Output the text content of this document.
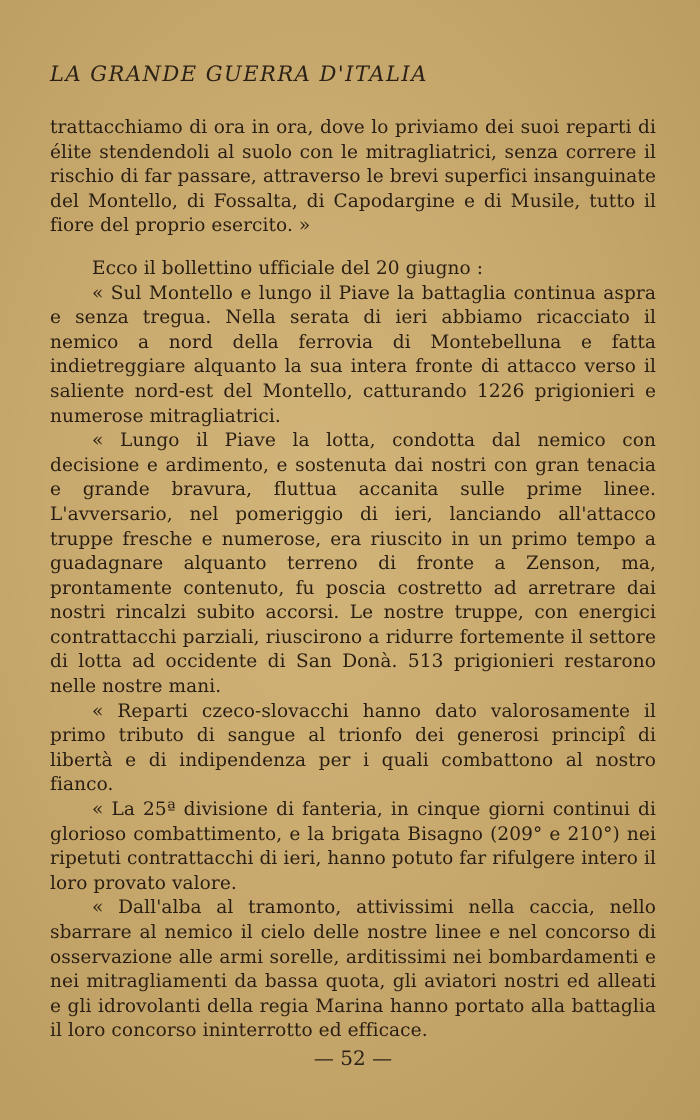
LA GRANDE GUERRA D'ITALIA

trattacchiamo di ora in ora, dove lo priviamo dei suoi reparti di élite stendendoli al suolo con le mitragliatrici, senza correre il rischio di far passare, attraverso le brevi superfici insanguinate del Montello, di Fossalta, di Capodargine e di Musile, tutto il fiore del proprio esercito. »

Ecco il bollettino ufficiale del 20 giugno :

« Sul Montello e lungo il Piave la battaglia continua aspra e senza tregua. Nella serata di ieri abbiamo ricacciato il nemico a nord della ferrovia di Montebelluna e fatta indietreggiare alquanto la sua intera fronte di attacco verso il saliente nord-est del Montello, catturando 1226 prigionieri e numerose mitragliatrici.

« Lungo il Piave la lotta, condotta dal nemico con decisione e ardimento, e sostenuta dai nostri con gran tenacia e grande bravura, fluttua accanita sulle prime linee. L'avversario, nel pomeriggio di ieri, lanciando all'attacco truppe fresche e numerose, era riuscito in un primo tempo a guadagnare alquanto terreno di fronte a Zenson, ma, prontamente contenuto, fu poscia costretto ad arretrare dai nostri rincalzi subito accorsi. Le nostre truppe, con energici contrattacchi parziali, riuscirono a ridurre fortemente il settore di lotta ad occidente di San Donà. 513 prigionieri restarono nelle nostre mani.

« Reparti czeco-slovacchi hanno dato valorosamente il primo tributo di sangue al trionfo dei generosi principî di libertà e di indipendenza per i quali combattono al nostro fianco.

« La 25ª divisione di fanteria, in cinque giorni continui di glorioso combattimento, e la brigata Bisagno (209° e 210°) nei ripetuti contrattacchi di ieri, hanno potuto far rifulgere intero il loro provato valore.

« Dall'alba al tramonto, attivissimi nella caccia, nello sbarrare al nemico il cielo delle nostre linee e nel concorso di osservazione alle armi sorelle, arditissimi nei bombardamenti e nei mitragliamenti da bassa quota, gli aviatori nostri ed alleati e gli idrovolanti della regia Marina hanno portato alla battaglia il loro concorso ininterrotto ed efficace.

— 52 —
